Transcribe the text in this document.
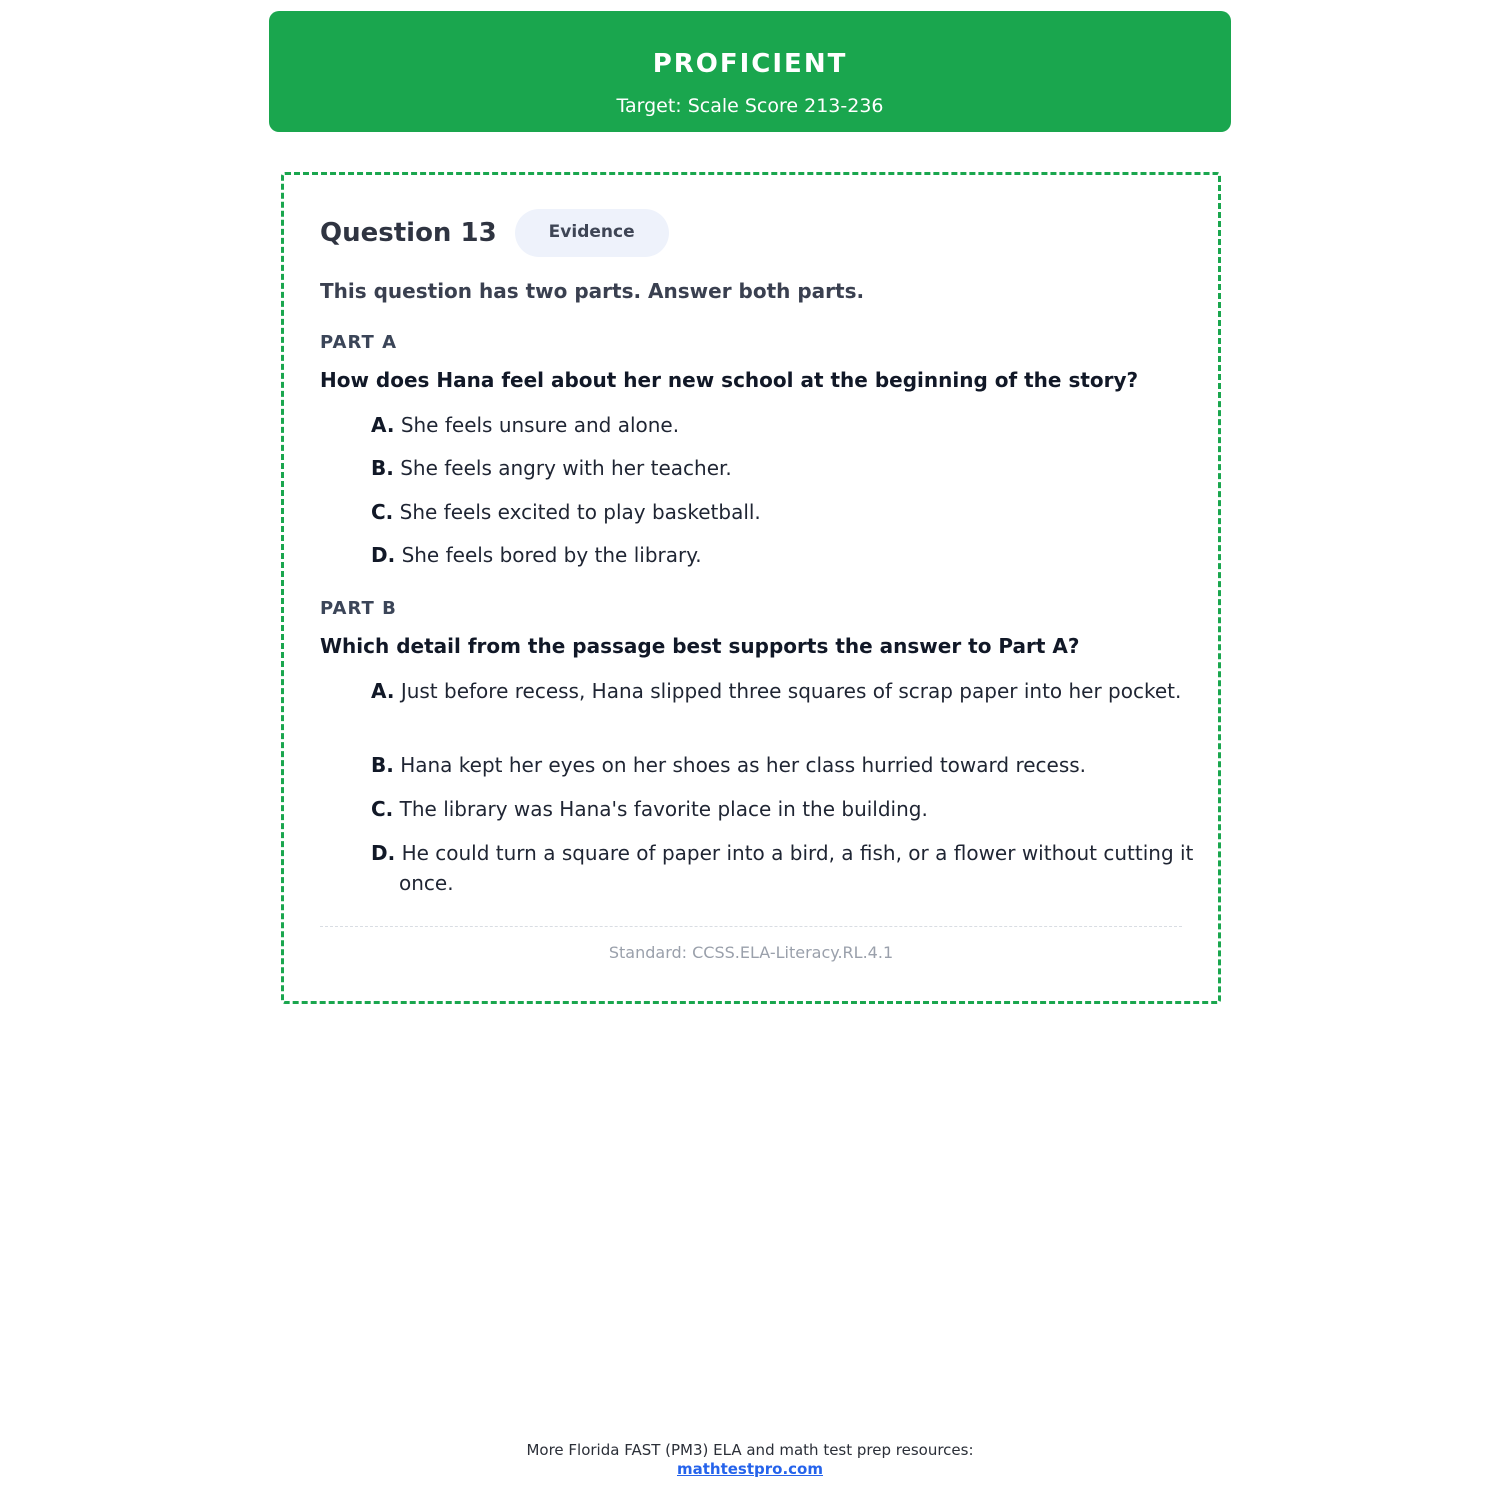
PROFICIENT
Target: Scale Score 213-236
Question 13	Evidence
This question has two parts. Answer both parts.
PART A
How does Hana feel about her new school at the beginning of the story?
A. She feels unsure and alone.
B. She feels angry with her teacher.
C. She feels excited to play basketball.
D. She feels bored by the library.
PART B
Which detail from the passage best supports the answer to Part A?
A. Just before recess, Hana slipped three squares of scrap paper into her pocket.
B. Hana kept her eyes on her shoes as her class hurried toward recess.
C. The library was Hana's favorite place in the building.
D. He could turn a square of paper into a bird, a fish, or a flower without cutting it once.
Standard: CCSS.ELA-Literacy.RL.4.1
More Florida FAST (PM3) ELA and math test prep resources:
mathtestpro.com
